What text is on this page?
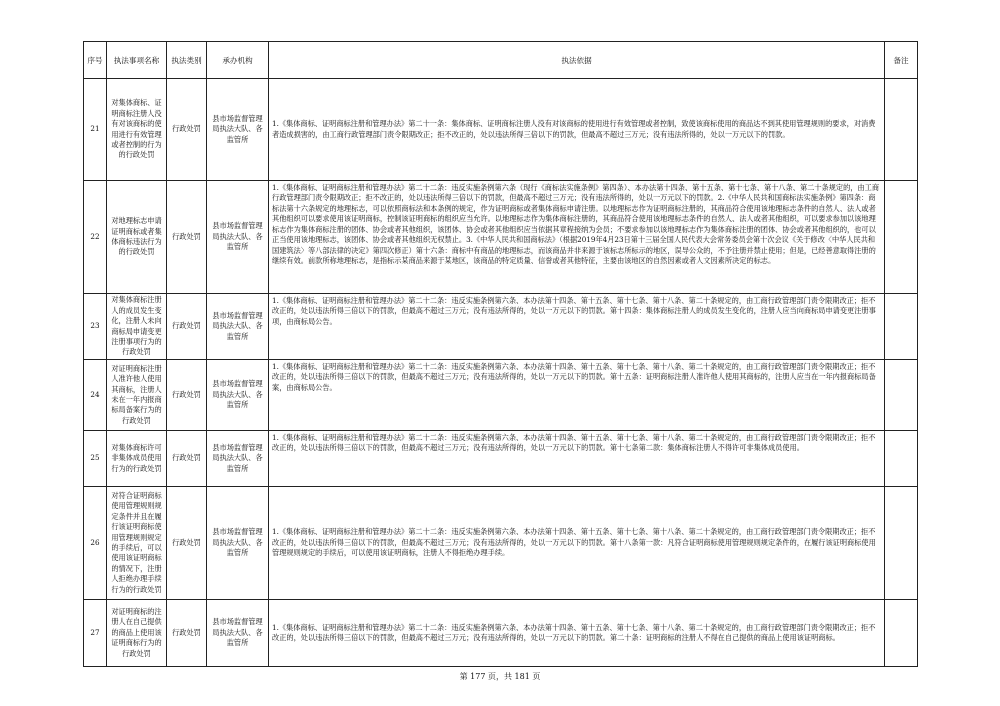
序号	执法事项名称	执法类别	承办机构	执法依据	备注
21	对集体商标、证明商标注册人没有对该商标的使用进行有效管理或者控制的行为的行政处罚	行政处罚	县市场监督管理局执法大队、各监管所	1.《集体商标、证明商标注册和管理办法》第二十一条：集体商标、证明商标注册人没有对该商标的使用进行有效管理或者控制，致使该商标使用的商品达不到其使用管理规则的要求，对消费者造成损害的，由工商行政管理部门责令限期改正；拒不改正的，处以违法所得三倍以下的罚款，但最高不超过三万元；没有违法所得的，处以一万元以下的罚款。	
22	对地理标志申请证明商标或者集体商标违法行为的行政处罚	行政处罚	县市场监督管理局执法大队、各监管所	1.《集体商标、证明商标注册和管理办法》第二十二条：违反实施条例第六条（现行《商标法实施条例》第四条）、本办法第十四条、第十五条、第十七条、第十八条、第二十条规定的，由工商行政管理部门责令限期改正；拒不改正的，处以违法所得三倍以下的罚款，但最高不超过三万元；没有违法所得的，处以一万元以下的罚款。2.《中华人民共和国商标法实施条例》第四条：商标法第十六条规定的地理标志，可以依照商标法和本条例的规定，作为证明商标或者集体商标申请注册。以地理标志作为证明商标注册的，其商品符合使用该地理标志条件的自然人、法人或者其他组织可以要求使用该证明商标，控制该证明商标的组织应当允许。以地理标志作为集体商标注册的，其商品符合使用该地理标志条件的自然人、法人或者其他组织，可以要求参加以该地理标志作为集体商标注册的团体、协会或者其他组织，该团体、协会或者其他组织应当依据其章程接纳为会员；不要求参加以该地理标志作为集体商标注册的团体、协会或者其他组织的，也可以正当使用该地理标志，该团体、协会或者其他组织无权禁止。3.《中华人民共和国商标法》（根据2019年4月23日第十三届全国人民代表大会常务委员会第十次会议《关于修改〈中华人民共和国建筑法〉等八部法律的决定》第四次修正）第十六条：商标中有商品的地理标志，而该商品并非来源于该标志所标示的地区，误导公众的，不予注册并禁止使用；但是，已经善意取得注册的继续有效。前款所称地理标志，是指标示某商品来源于某地区，该商品的特定质量、信誉或者其他特征，主要由该地区的自然因素或者人文因素所决定的标志。	
23	对集体商标注册人的成员发生变化，注册人未向商标局申请变更注册事项行为的行政处罚	行政处罚	县市场监督管理局执法大队、各监管所	1.《集体商标、证明商标注册和管理办法》第二十二条：违反实施条例第六条、本办法第十四条、第十五条、第十七条、第十八条、第二十条规定的，由工商行政管理部门责令限期改正；拒不改正的，处以违法所得三倍以下的罚款，但最高不超过三万元；没有违法所得的，处以一万元以下的罚款。第十四条：集体商标注册人的成员发生变化的，注册人应当向商标局申请变更注册事项，由商标局公告。	
24	对证明商标注册人准许他人使用其商标，注册人未在一年内报商标局备案行为的行政处罚	行政处罚	县市场监督管理局执法大队、各监管所	1.《集体商标、证明商标注册和管理办法》第二十二条：违反实施条例第六条、本办法第十四条、第十五条、第十七条、第十八条、第二十条规定的，由工商行政管理部门责令限期改正；拒不改正的，处以违法所得三倍以下的罚款，但最高不超过三万元；没有违法所得的，处以一万元以下的罚款。第十五条：证明商标注册人准许他人使用其商标的，注册人应当在一年内报商标局备案，由商标局公告。	
25	对集体商标许可非集体成员使用行为的行政处罚	行政处罚	县市场监督管理局执法大队、各监管所	1.《集体商标、证明商标注册和管理办法》第二十二条：违反实施条例第六条、本办法第十四条、第十五条、第十七条、第十八条、第二十条规定的，由工商行政管理部门责令限期改正；拒不改正的，处以违法所得三倍以下的罚款，但最高不超过三万元；没有违法所得的，处以一万元以下的罚款。第十七条第二款：集体商标注册人不得许可非集体成员使用。	
26	对符合证明商标使用管理规则规定条件并且在履行该证明商标使用管理规则规定的手续后，可以使用该证明商标的情况下，注册人拒绝办理手续行为的行政处罚	行政处罚	县市场监督管理局执法大队、各监管所	1.《集体商标、证明商标注册和管理办法》第二十二条：违反实施条例第六条、本办法第十四条、第十五条、第十七条、第十八条、第二十条规定的，由工商行政管理部门责令限期改正；拒不改正的，处以违法所得三倍以下的罚款，但最高不超过三万元；没有违法所得的，处以一万元以下的罚款。第十八条第一款：凡符合证明商标使用管理规则规定条件的，在履行该证明商标使用管理规则规定的手续后，可以使用该证明商标，注册人不得拒绝办理手续。	
27	对证明商标的注册人在自己提供的商品上使用该证明商标行为的行政处罚	行政处罚	县市场监督管理局执法大队、各监管所	1.《集体商标、证明商标注册和管理办法》第二十二条：违反实施条例第六条、本办法第十四条、第十五条、第十七条、第十八条、第二十条规定的，由工商行政管理部门责令限期改正；拒不改正的，处以违法所得三倍以下的罚款，但最高不超过三万元；没有违法所得的，处以一万元以下的罚款。第二十条：证明商标的注册人不得在自己提供的商品上使用该证明商标。	
第 177 页，共 181 页
